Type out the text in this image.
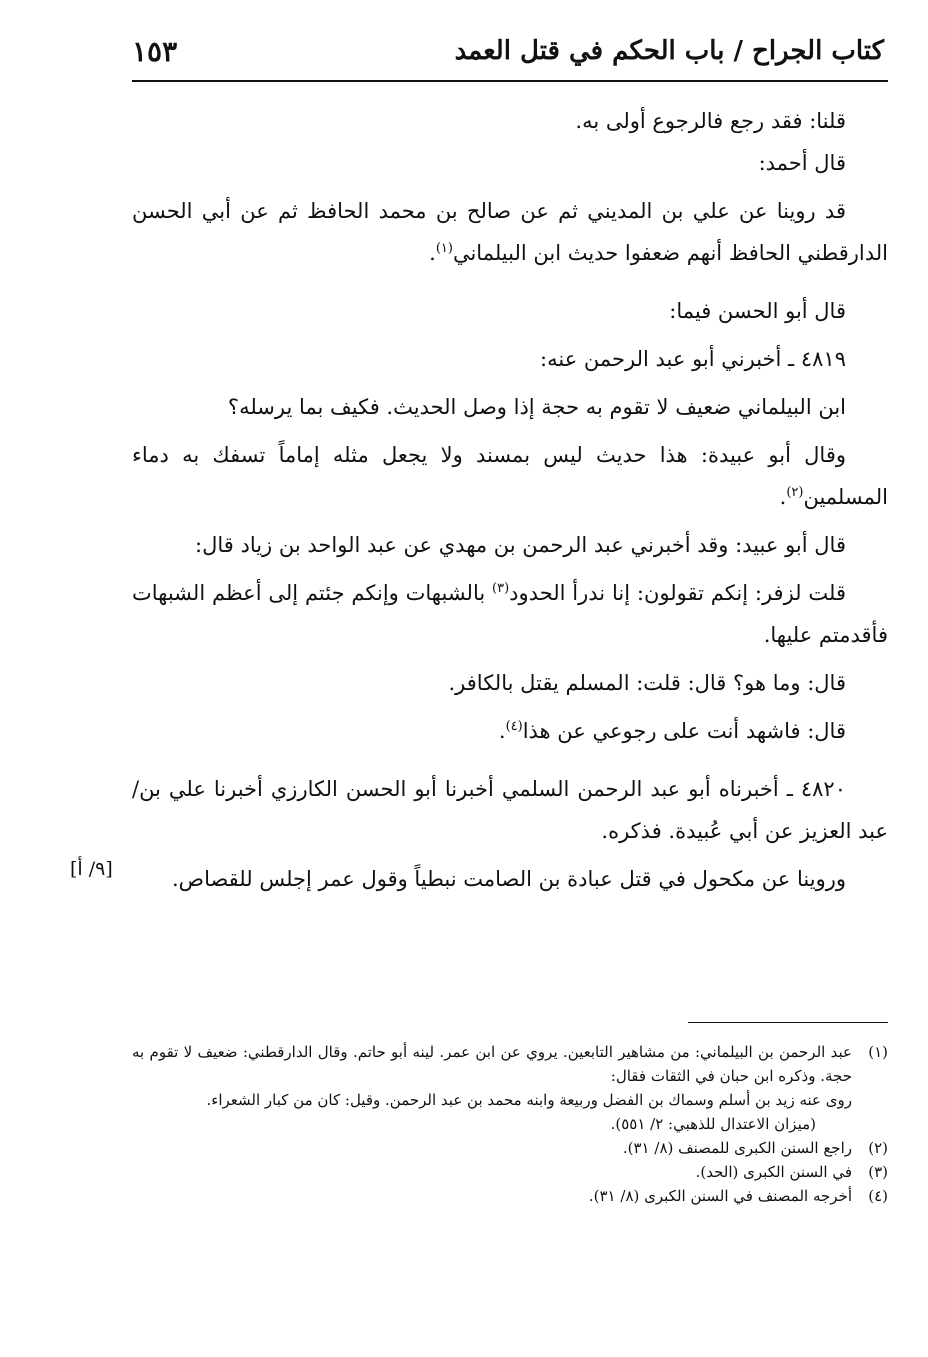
كتاب الجراح / باب الحكم في قتل العمد
١٥٣

قلنا: فقد رجع فالرجوع أولى به.

قال أحمد:

قد روينا عن علي بن المديني ثم عن صالح بن محمد الحافظ ثم عن أبي الحسن الدارقطني الحافظ أنهم ضعفوا حديث ابن البيلماني$^{(١)}$.

قال أبو الحسن فيما:

٤٨١٩ ـ أخبرني أبو عبد الرحمن عنه:

ابن البيلماني ضعيف لا تقوم به حجة إذا وصل الحديث. فكيف بما يرسله؟

وقال أبو عبيدة: هذا حديث ليس بمسند ولا يجعل مثله إماماً تسفك به دماء المسلمين$^{(٢)}$.

قال أبو عبيد: وقد أخبرني عبد الرحمن بن مهدي عن عبد الواحد بن زياد قال:

قلت لزفر: إنكم تقولون: إنا ندرأ الحدود$^{(٣)}$ بالشبهات وإنكم جئتم إلى أعظم الشبهات فأقدمتم عليها.

قال: وما هو؟ قال: قلت: المسلم يقتل بالكافر.

قال: فاشهد أنت على رجوعي عن هذا$^{(٤)}$.

٤٨٢٠ ـ أخبرناه أبو عبد الرحمن السلمي أخبرنا أبو الحسن الكارزي أخبرنا علي بن/ عبد العزيز عن أبي عُبيدة. فذكره.

وروينا عن مكحول في قتل عبادة بن الصامت نبطياً وقول عمر إجلس للقصاص.

[٩/ أ]
(١)

عبد الرحمن بن البيلماني: من مشاهير التابعين. يروي عن ابن عمر. لينه أبو حاتم. وقال الدارقطني: ضعيف لا تقوم به حجة. وذكره ابن حبان في الثقات فقال:

روى عنه زيد بن أسلم وسماك بن الفضل وربيعة وابنه محمد بن عبد الرحمن. وقيل: كان من كبار الشعراء.

(ميزان الاعتدال للذهبي: ٢/ ٥٥١).

(٢)

راجع السنن الكبرى للمصنف (٨/ ٣١).

(٣)

في السنن الكبرى (الحد).

(٤)

أخرجه المصنف في السنن الكبرى (٨/ ٣١).
